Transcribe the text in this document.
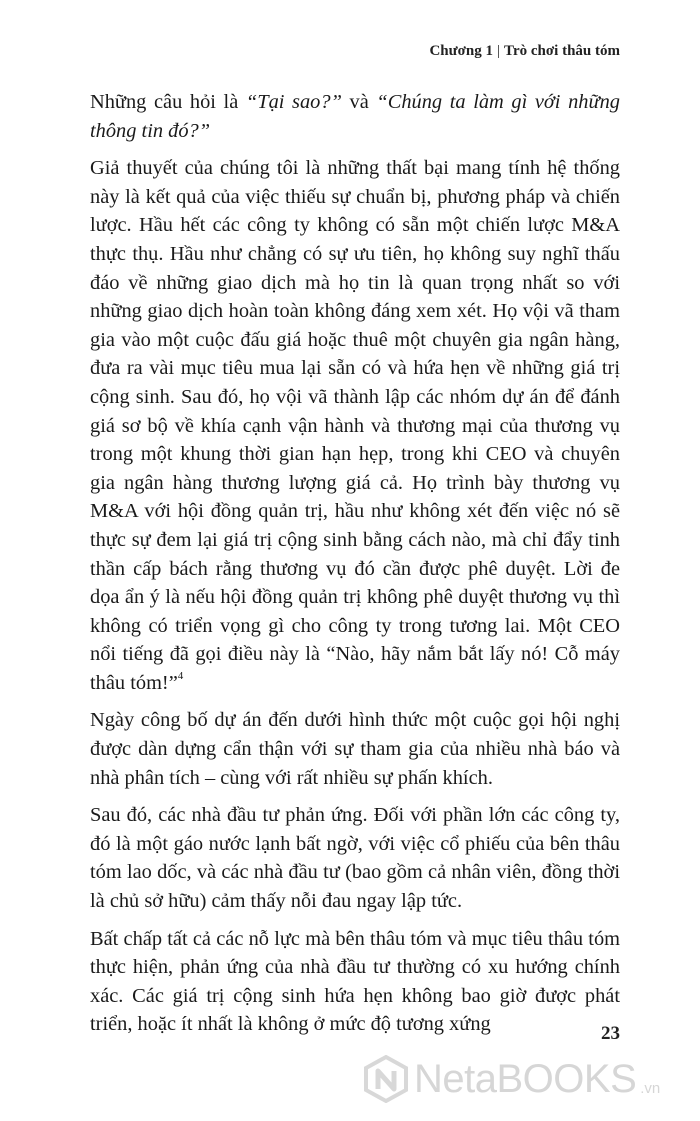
Chương 1 | Trò chơi thâu tóm

Những câu hỏi là “Tại sao?” và “Chúng ta làm gì với những thông tin đó?”

Giả thuyết của chúng tôi là những thất bại mang tính hệ thống này là kết quả của việc thiếu sự chuẩn bị, phương pháp và chiến lược. Hầu hết các công ty không có sẵn một chiến lược M&A thực thụ. Hầu như chẳng có sự ưu tiên, họ không suy nghĩ thấu đáo về những giao dịch mà họ tin là quan trọng nhất so với những giao dịch hoàn toàn không đáng xem xét. Họ vội vã tham gia vào một cuộc đấu giá hoặc thuê một chuyên gia ngân hàng, đưa ra vài mục tiêu mua lại sẵn có và hứa hẹn về những giá trị cộng sinh. Sau đó, họ vội vã thành lập các nhóm dự án để đánh giá sơ bộ về khía cạnh vận hành và thương mại của thương vụ trong một khung thời gian hạn hẹp, trong khi CEO và chuyên gia ngân hàng thương lượng giá cả. Họ trình bày thương vụ M&A với hội đồng quản trị, hầu như không xét đến việc nó sẽ thực sự đem lại giá trị cộng sinh bằng cách nào, mà chỉ đẩy tinh thần cấp bách rằng thương vụ đó cần được phê duyệt. Lời đe dọa ẩn ý là nếu hội đồng quản trị không phê duyệt thương vụ thì không có triển vọng gì cho công ty trong tương lai. Một CEO nổi tiếng đã gọi điều này là “Nào, hãy nắm bắt lấy nó! Cỗ máy thâu tóm!”$^4$

Ngày công bố dự án đến dưới hình thức một cuộc gọi hội nghị được dàn dựng cẩn thận với sự tham gia của nhiều nhà báo và nhà phân tích – cùng với rất nhiều sự phấn khích.

Sau đó, các nhà đầu tư phản ứng. Đối với phần lớn các công ty, đó là một gáo nước lạnh bất ngờ, với việc cổ phiếu của bên thâu tóm lao dốc, và các nhà đầu tư (bao gồm cả nhân viên, đồng thời là chủ sở hữu) cảm thấy nỗi đau ngay lập tức.

Bất chấp tất cả các nỗ lực mà bên thâu tóm và mục tiêu thâu tóm thực hiện, phản ứng của nhà đầu tư thường có xu hướng chính xác. Các giá trị cộng sinh hứa hẹn không bao giờ được phát triển, hoặc ít nhất là không ở mức độ tương xứng	23
NetaBOOKS .vn
